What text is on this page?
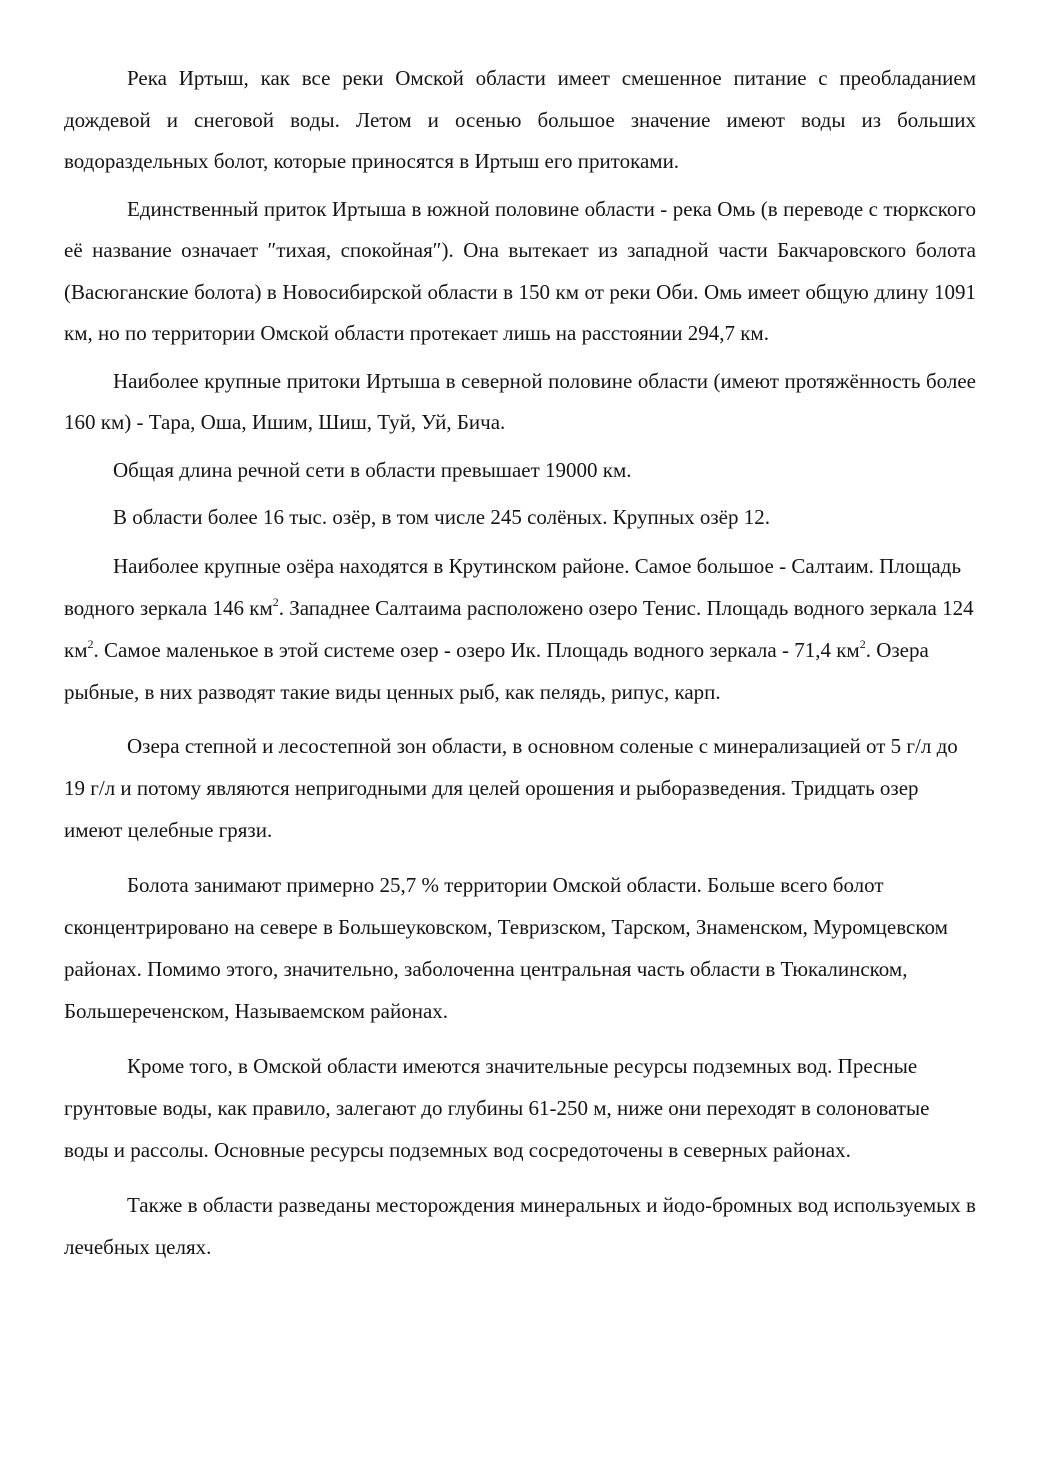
Река Иртыш, как все реки Омской области имеет смешенное питание с преобладанием дождевой и снеговой воды. Летом и осенью большое значение имеют воды из больших водораздельных болот, которые приносятся в Иртыш его притоками.

Единственный приток Иртыша в южной половине области - река Омь (в переводе с тюркского её название означает ″тихая, спокойная″). Она вытекает из западной части Бакчаровского болота (Васюганские болота) в Новосибирской области в 150 км от реки Оби. Омь имеет общую длину 1091 км, но по территории Омской области протекает лишь на расстоянии 294,7 км.

Наиболее крупные притоки Иртыша в северной половине области (имеют протяжённость более 160 км) - Тара, Оша, Ишим, Шиш, Туй, Уй, Бича.

Общая длина речной сети в области превышает 19000 км.

В области более 16 тыс. озёр, в том числе 245 солёных. Крупных озёр 12.

Наиболее крупные озёра находятся в Крутинском районе. Самое большое - Салтаим. Площадь водного зеркала 146 $км^2$. Западнее Салтаима расположено озеро Тенис. Площадь водного зеркала 124 $км^2$. Самое маленькое в этой системе озер - озеро Ик. Площадь водного зеркала - 71,4 $км^2$. Озера рыбные, в них разводят такие виды ценных рыб, как пелядь, рипус, карп.

Озера степной и лесостепной зон области, в основном соленые с минерализацией от 5 г/л до 19 г/л и потому являются непригодными для целей орошения и рыборазведения. Тридцать озер имеют целебные грязи.

Болота занимают примерно 25,7 % территории Омской области. Больше всего болот сконцентрировано на севере в Большеуковском, Тевризском, Тарском, Знаменском, Муромцевском районах. Помимо этого, значительно, заболоченна центральная часть области в Тюкалинском, Большереченском, Называемском районах.

Кроме того, в Омской области имеются значительные ресурсы подземных вод. Пресные грунтовые воды, как правило, залегают до глубины 61-250 м, ниже они переходят в солоноватые воды и рассолы. Основные ресурсы подземных вод сосредоточены в северных районах.

Также в области разведаны месторождения минеральных и йодо-бромных вод используемых в лечебных целях.
